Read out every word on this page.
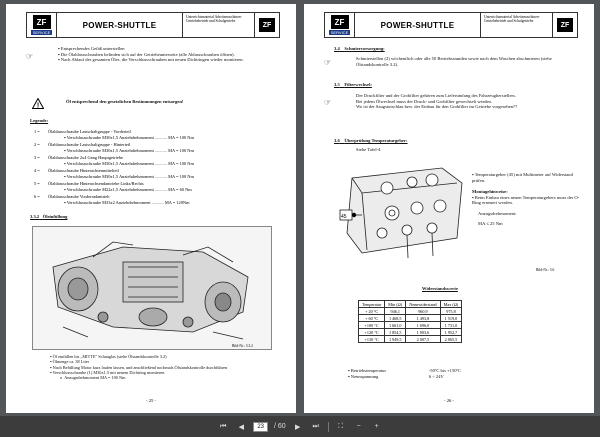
ZF
SERVICE
POWER-SHUTTLE
Unterrichtsmaterial Arbeitsmaschinen-Getriebebetrieb und Schulgetriebe
ZF
☞
▪ Entsprechendes Gefäß unterstellen
▪ Die Ölablassschrauben befinden sich auf der Getriebeunterseite (alle Ablassschrauben öffnen).
▪ Nach Ablauf des gesamten Öles, die Verschlussschrauben mit neuen Dichtringen wieder montieren.
!
Öl entsprechend den gesetzlichen Bestimmungen entsorgen!
Legende:
1 = Ölablassschraube Lastschaltgruppe - Vorderteil
▪ Verschlussschraube M30x1,5 Anziehdrehmoment ........... MA = 100 Nm
2 = Ölablassschraube Lastschaltgruppe - Hinterteil
▪ Verschlussschraube M30x1,5 Anziehdrehmoment ........... MA = 100 Nm
3 = Ölablassschraube 2x4 Gang Hauptgetriebe
▪ Verschlussschraube M30x1,5 Anziehdrehmoment ........... MA = 100 Nm
4 = Ölablassschraube Hinterachsenmittelteil
▪ Verschlussschraube M30x1,5 Anziehdrehmoment ........... MA = 100 Nm
5 = Ölablassschraube Hinterachsendantriebe Links/Rechts
▪ Verschlussschraube M22x1,5 Anziehdrehmoment ........... MA = 60 Nm
6 = Ölablassschraube Vorderradantrieb
▪ Verschlussschraube M33x2 Anziehdrehmoment ........... MA = 120Nm
3.3.2 Öleinfüllung
Bild-Nr.: 3.3.2
▪ Öl einfüllen bis „MITTE" Schauglas (siehe Ölstandskontrolle 3.2)
▪ Ölmenge ca. 38 Liter
▪ Nach Befüllung Motor kurz laufen lassen, und anschließend nochmals Ölstandskontrolle durchführen
▪ Verschlussschraube (1) M30x1,5 mit neuem Dichtring montieren
o  Anzugsdrehmoment MA = 100 Nm
- 25 -
ZF
SERVICE
POWER-SHUTTLE
Unterrichtsmaterial Arbeitsmaschinen-Getriebebetrieb und Schulgetriebe
ZF
3.4 Schmiervorsorgung:
☞	Schmierstellen (2) wöchentlich oder alle 50 Betriebsstunden sowie nach dem Waschen abschmieren (siehe Ölstandskontrolle 3.2).
3.5 Filterwechsel:
☞
Der Druckfilter und der Grobfilter gehören zum Lieferumfang des Fahrzeugherstellers.
Bei jedem Ölwechsel muss der Druck- und Grobfilter gewechselt werden.
Wo ist der Saugstutschlau bzw. der Einbau für den Grobfilter im Getriebe vorgesehen??
3.6 Überprüfung Temperaturgeber:
Siehe Tafel-4
45
▪ Temperaturgeber (45) mit Multimeter auf Widerstand prüfen.
Montagehinweise:
▪ Beim Einbau eines neuen Temperaturgebers muss der O-Ring erneuert werden.
Anzugsdrehmoment:
MA ≤ 25 Nm
Bild-Nr.: 3.6
Widerstandswerte
Temperatur	Min (Ω)	Nennwiderstand	Max (Ω)
+ 20 °C	946,1	960,9	975,8
+ 60 °C	1 468,5	1 493,8	1 519,0
+100 °C	1 661,0	1 696,0	1 731,0
+120 °C	1 854,5	1 903,6	1 952,7
+130 °C	1 949,5	2 007,5	2 065,5
▪ Betriebstemperatur	-50ºC bis +150ºC
▪ Nennspannung	6 ÷ 24V
- 26 -
⏮	◀	23	/ 60	▶	⏭	⛶	−	+
